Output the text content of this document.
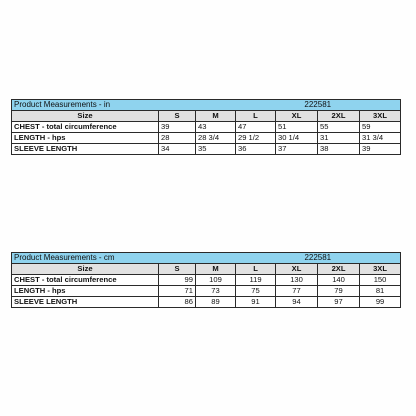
Product Measurements - in			222581			
Size	S	M	L	XL	2XL	3XL
CHEST - total circumference	39	43	47	51	55	59
LENGTH - hps	28	28 3/4	29 1/2	30 1/4	31	31 3/4
SLEEVE LENGTH	34	35	36	37	38	39
Product Measurements - cm			222581			
Size	S	M	L	XL	2XL	3XL
CHEST - total circumference	99	109	119	130	140	150
LENGTH - hps	71	73	75	77	79	81
SLEEVE LENGTH	86	89	91	94	97	99
